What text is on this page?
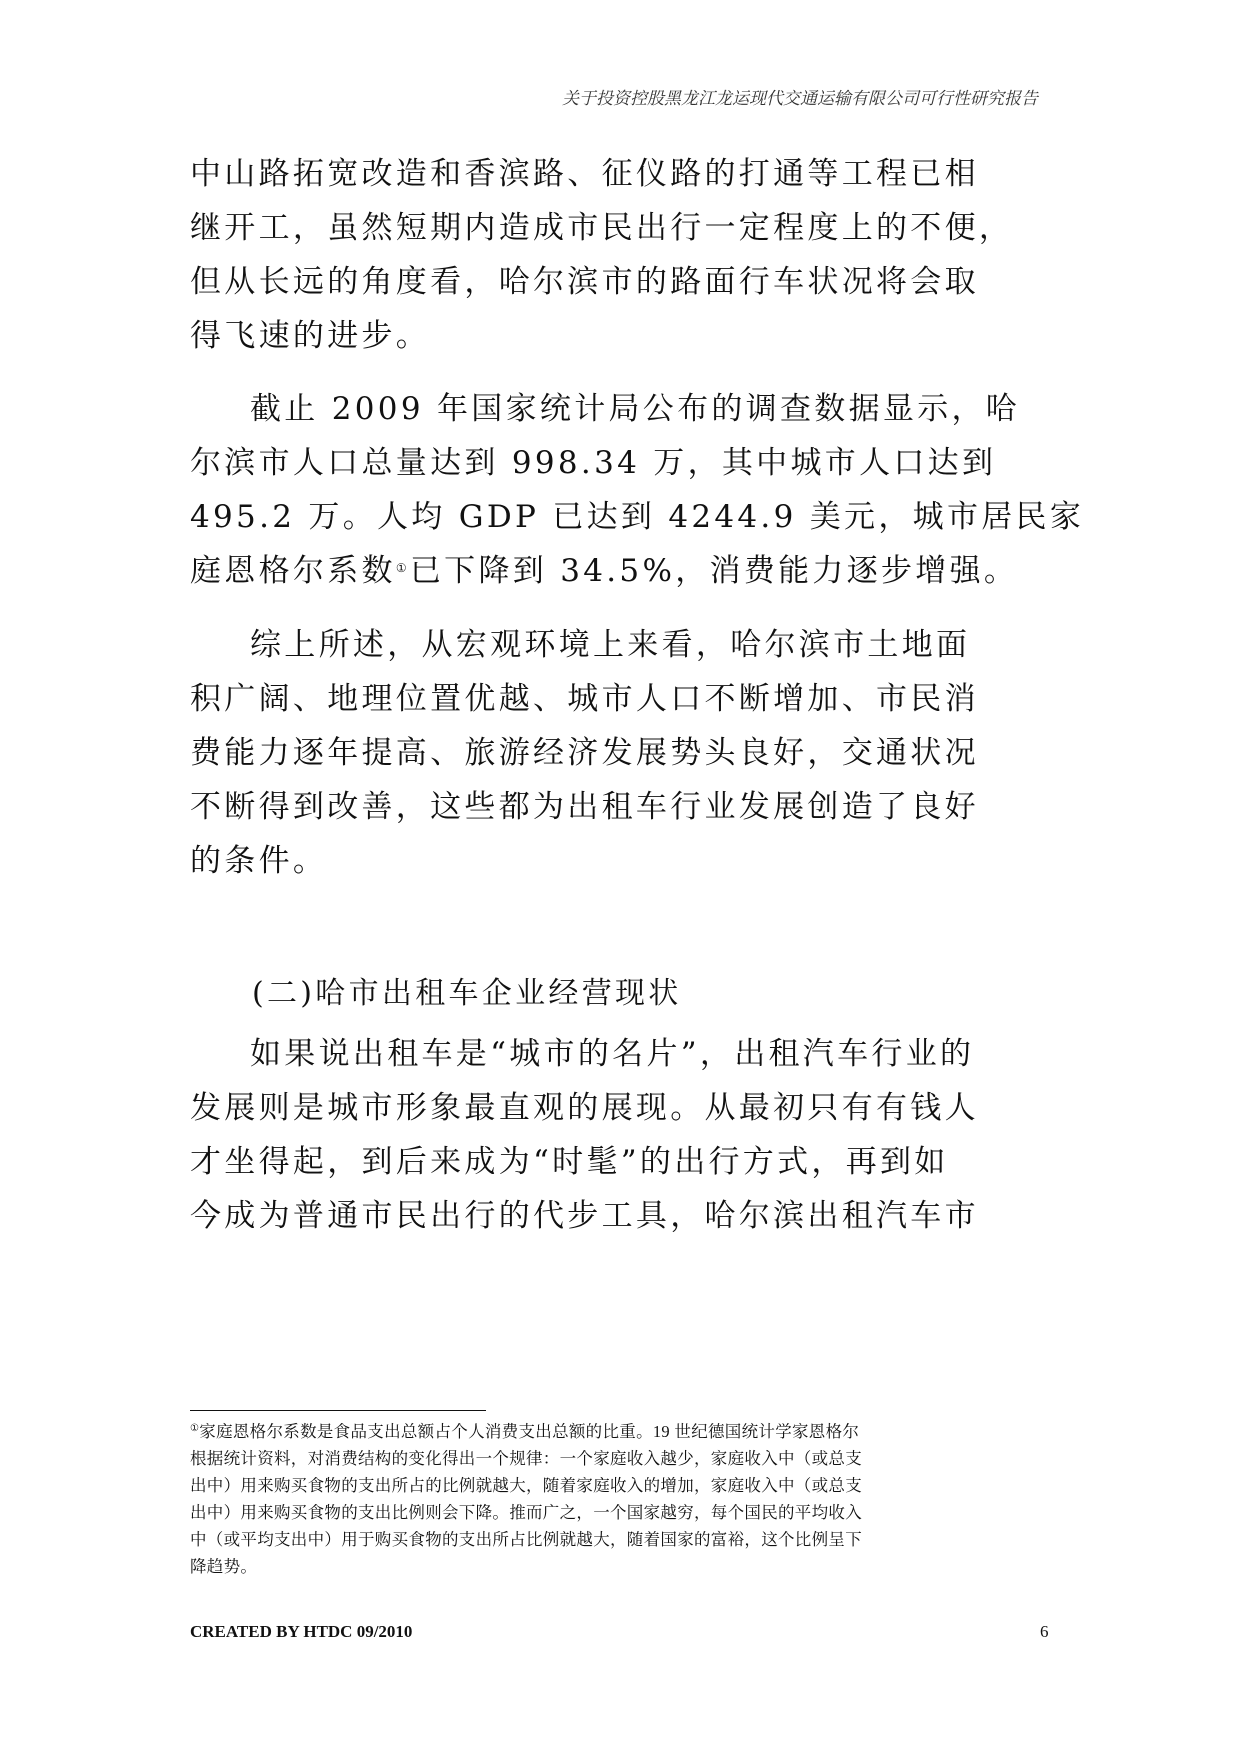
关于投资控股黑龙江龙运现代交通运输有限公司可行性研究报告
中山路拓宽改造和香滨路、征仪路的打通等工程已相
继开工，虽然短期内造成市民出行一定程度上的不便，
但从长远的角度看，哈尔滨市的路面行车状况将会取
得飞速的进步。
截止 2009 年国家统计局公布的调查数据显示，哈
尔滨市人口总量达到 998.34 万，其中城市人口达到
495.2 万。人均 GDP 已达到 4244.9 美元，城市居民家
庭恩格尔系数①已下降到 34.5%，消费能力逐步增强。
综上所述，从宏观环境上来看，哈尔滨市土地面
积广阔、地理位置优越、城市人口不断增加、市民消
费能力逐年提高、旅游经济发展势头良好，交通状况
不断得到改善，这些都为出租车行业发展创造了良好
的条件。
(二)哈市出租车企业经营现状
如果说出租车是“城市的名片”，出租汽车行业的
发展则是城市形象最直观的展现。从最初只有有钱人
才坐得起，到后来成为“时髦”的出行方式，再到如
今成为普通市民出行的代步工具，哈尔滨出租汽车市
①家庭恩格尔系数是食品支出总额占个人消费支出总额的比重。19 世纪德国统计学家恩格尔
根据统计资料，对消费结构的变化得出一个规律：一个家庭收入越少，家庭收入中（或总支
出中）用来购买食物的支出所占的比例就越大，随着家庭收入的增加，家庭收入中（或总支
出中）用来购买食物的支出比例则会下降。推而广之，一个国家越穷，每个国民的平均收入
中（或平均支出中）用于购买食物的支出所占比例就越大，随着国家的富裕，这个比例呈下
降趋势。
CREATED BY HTDC 09/2010	6
